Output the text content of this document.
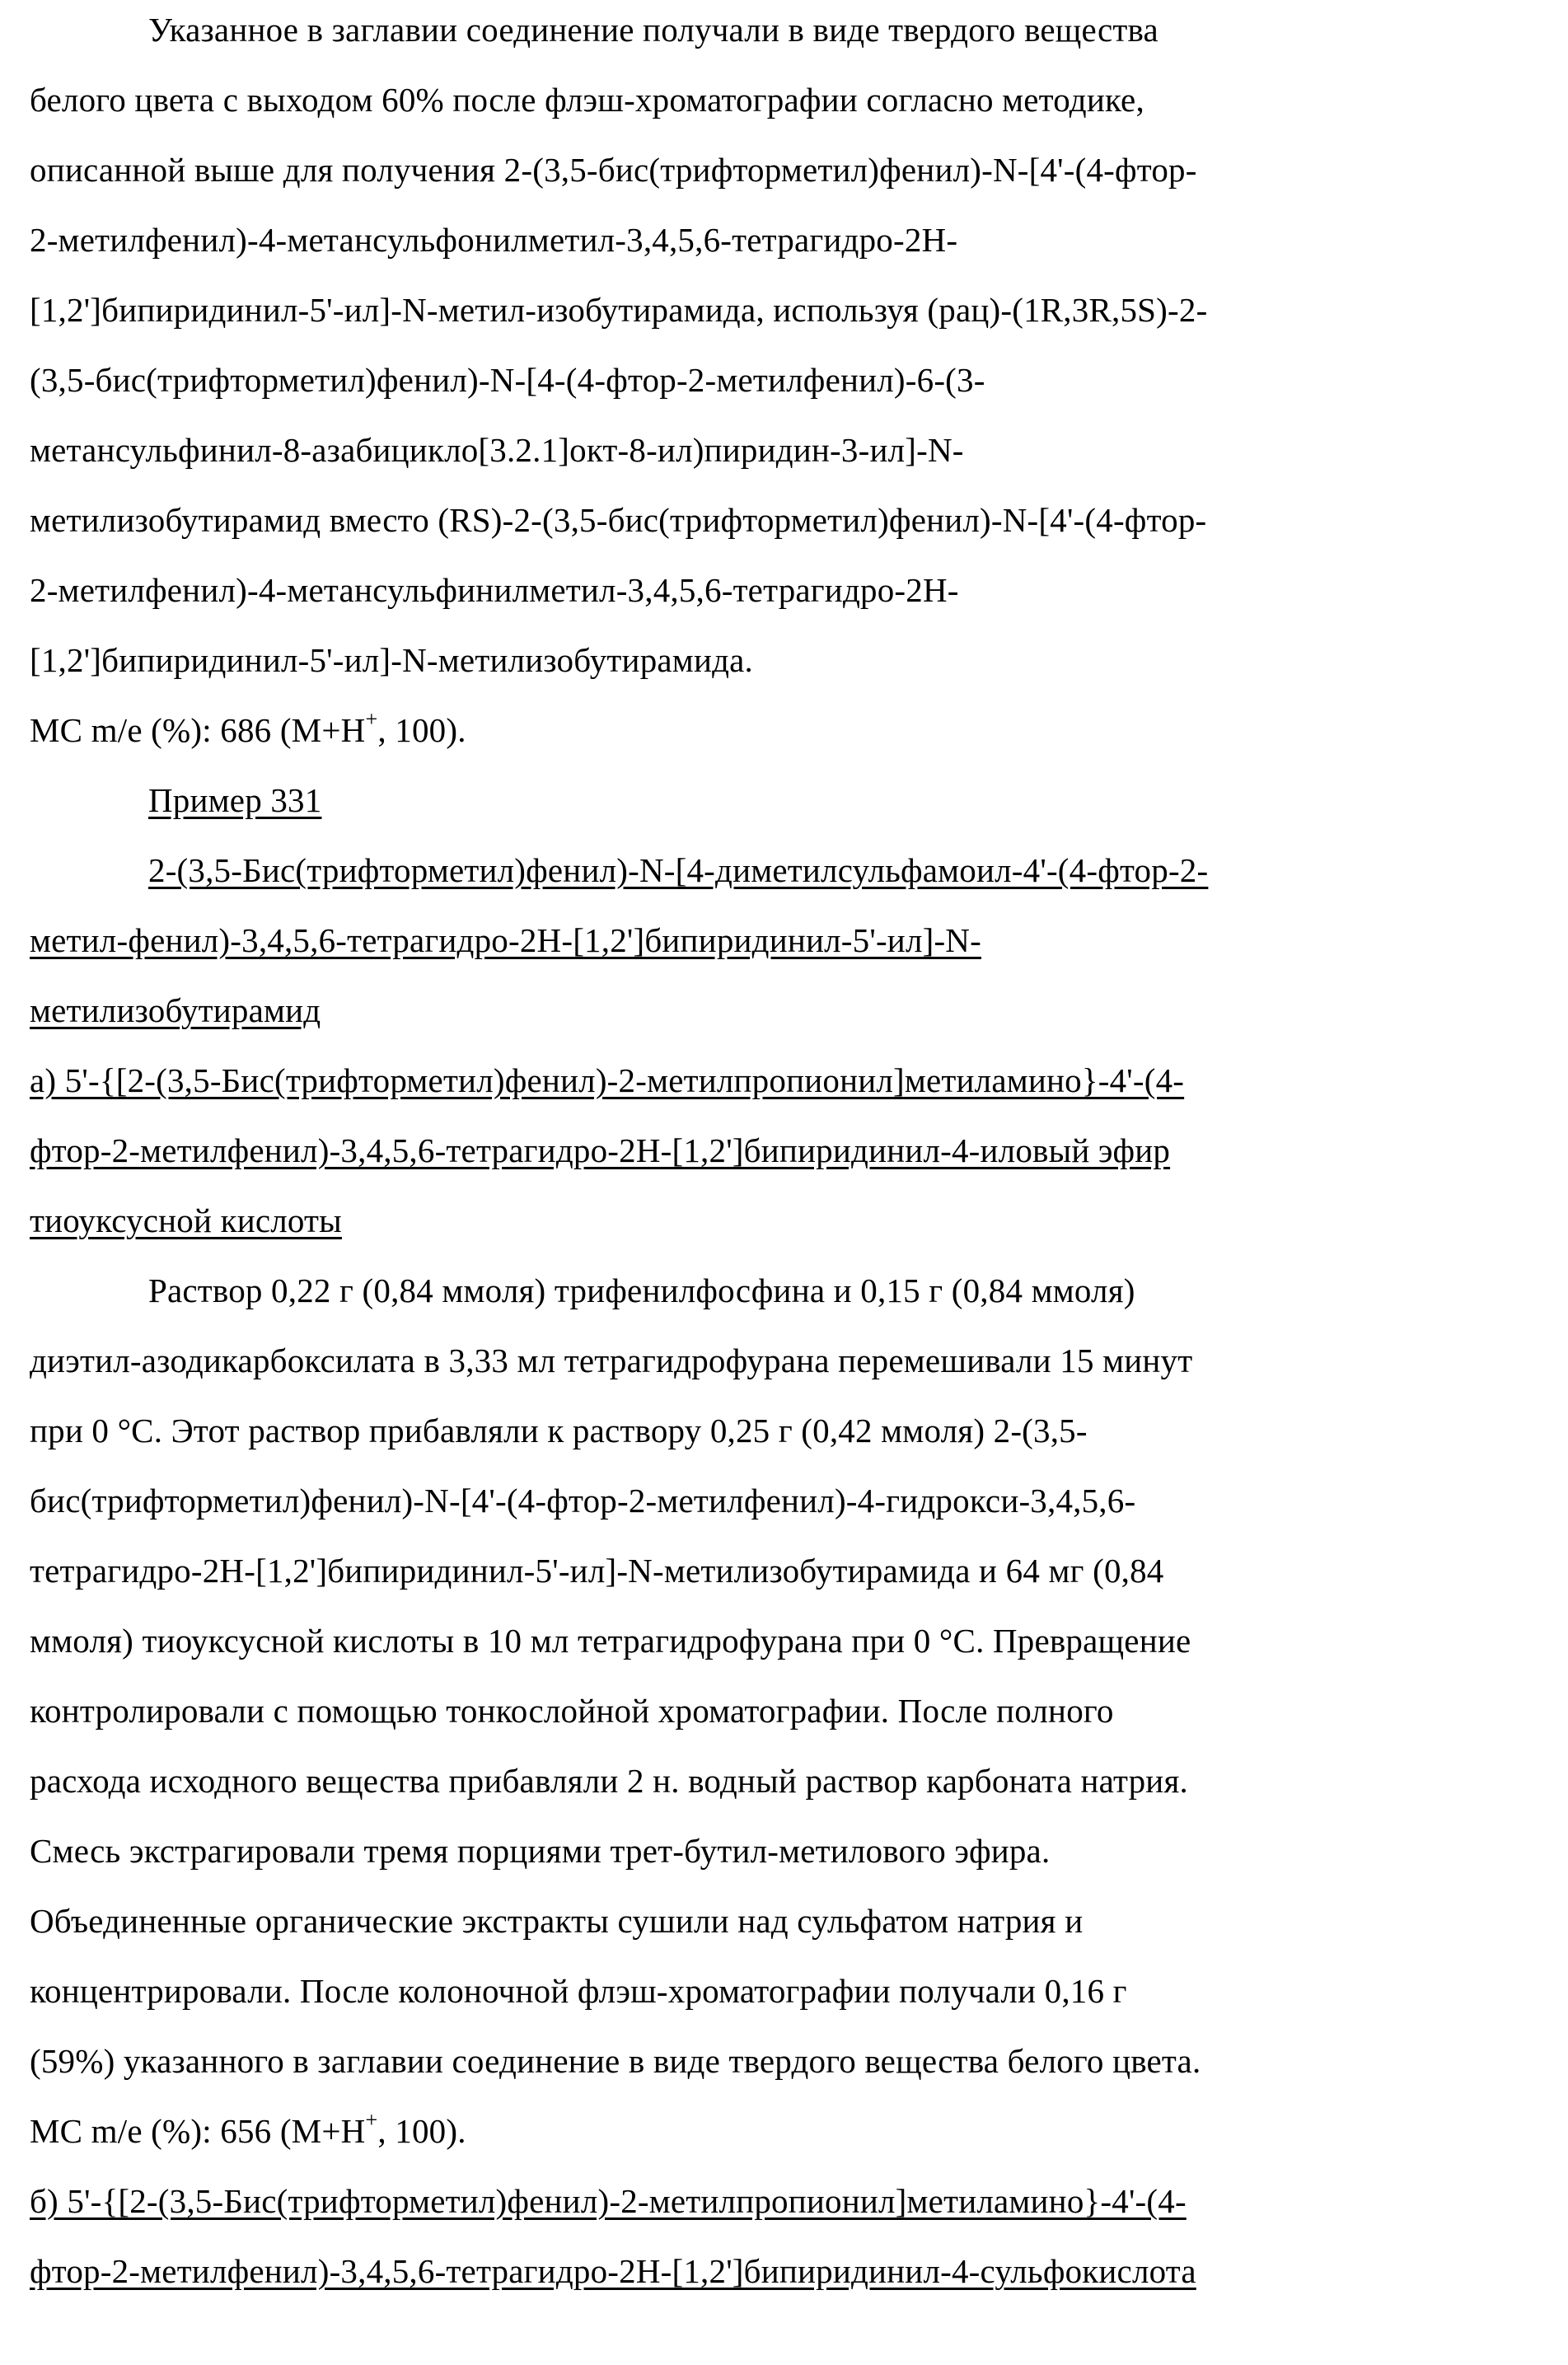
Указанное в заглавии соединение получали в виде твердого вещества
белого цвета с выходом 60% после флэш-хроматографии согласно методике,
описанной выше для получения 2-(3,5-бис(трифторметил)фенил)-N-[4'-(4-фтор-
2-метилфенил)-4-метансульфонилметил-3,4,5,6-тетрагидро-2H-
[1,2']бипиридинил-5'-ил]-N-метил-изобутирамида, используя (рац)-(1R,3R,5S)-2-
(3,5-бис(трифторметил)фенил)-N-[4-(4-фтор-2-метилфенил)-6-(3-
метансульфинил-8-азабицикло[3.2.1]окт-8-ил)пиридин-3-ил]-N-
метилизобутирамид вместо (RS)-2-(3,5-бис(трифторметил)фенил)-N-[4'-(4-фтор-
2-метилфенил)-4-метансульфинилметил-3,4,5,6-тетрагидро-2H-
[1,2']бипиридинил-5'-ил]-N-метилизобутирамида.
МС m/e (%): 686 (M+H+, 100).
Пример 331
2-(3,5-Бис(трифторметил)фенил)-N-[4-диметилсульфамоил-4'-(4-фтор-2-
метил-фенил)-3,4,5,6-тетрагидро-2H-[1,2']бипиридинил-5'-ил]-N-
метилизобутирамид
а) 5'-{[2-(3,5-Бис(трифторметил)фенил)-2-метилпропионил]метиламино}-4'-(4-
фтор-2-метилфенил)-3,4,5,6-тетрагидро-2H-[1,2']бипиридинил-4-иловый эфир
тиоуксусной кислоты
Раствор 0,22 г (0,84 ммоля) трифенилфосфина и 0,15 г (0,84 ммоля)
диэтил-азодикарбоксилата в 3,33 мл тетрагидрофурана перемешивали 15 минут
при 0 °C. Этот раствор прибавляли к раствору 0,25 г (0,42 ммоля) 2-(3,5-
бис(трифторметил)фенил)-N-[4'-(4-фтор-2-метилфенил)-4-гидрокси-3,4,5,6-
тетрагидро-2H-[1,2']бипиридинил-5'-ил]-N-метилизобутирамида и 64 мг (0,84
ммоля) тиоуксусной кислоты в 10 мл тетрагидрофурана при 0 °C. Превращение
контролировали с помощью тонкослойной хроматографии. После полного
расхода исходного вещества прибавляли 2 н. водный раствор карбоната натрия.
Смесь экстрагировали тремя порциями трет-бутил-метилового эфира.
Объединенные органические экстракты сушили над сульфатом натрия и
концентрировали. После колоночной флэш-хроматографии получали 0,16 г
(59%) указанного в заглавии соединение в виде твердого вещества белого цвета.
МС m/e (%): 656 (M+H+, 100).
б) 5'-{[2-(3,5-Бис(трифторметил)фенил)-2-метилпропионил]метиламино}-4'-(4-
фтор-2-метилфенил)-3,4,5,6-тетрагидро-2H-[1,2']бипиридинил-4-сульфокислота
